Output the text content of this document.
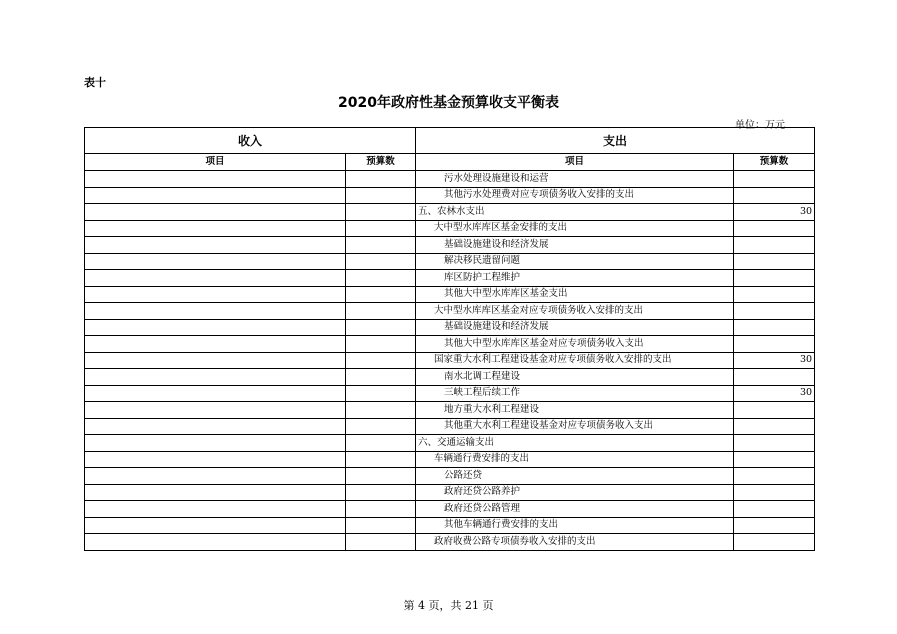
表十
2020年政府性基金预算收支平衡表
单位：万元
收入		支出	
项目	预算数	项目	预算数
		污水处理设施建设和运营	
		其他污水处理费对应专项债务收入安排的支出	
		五、农林水支出	30
		大中型水库库区基金安排的支出	
		基础设施建设和经济发展	
		解决移民遗留问题	
		库区防护工程维护	
		其他大中型水库库区基金支出	
		大中型水库库区基金对应专项债务收入安排的支出	
		基础设施建设和经济发展	
		其他大中型水库库区基金对应专项债务收入支出	
		国家重大水利工程建设基金对应专项债务收入安排的支出	30
		南水北调工程建设	
		三峡工程后续工作	30
		地方重大水利工程建设	
		其他重大水利工程建设基金对应专项债务收入支出	
		六、交通运输支出	
		车辆通行费安排的支出	
		公路还贷	
		政府还贷公路养护	
		政府还贷公路管理	
		其他车辆通行费安排的支出	
		政府收费公路专项债券收入安排的支出	
第 4 页，共 21 页
